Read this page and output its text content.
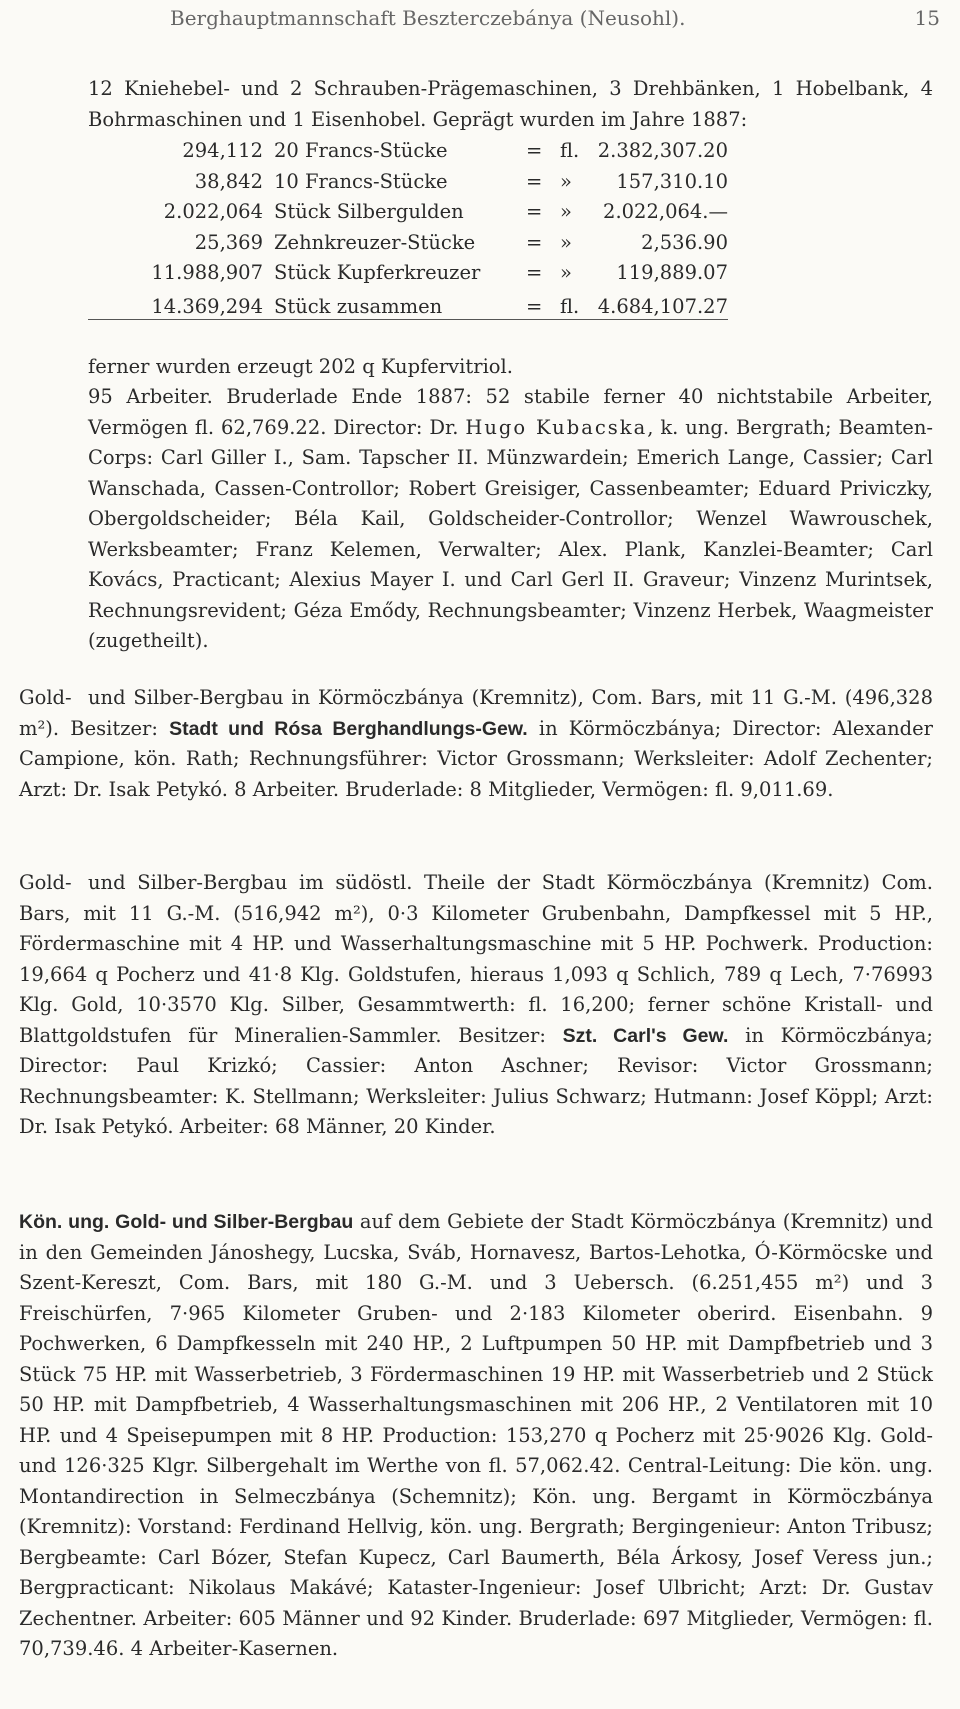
Berghauptmannschaft Beszterczebánya (Neusohl).	15

12 Kniehebel- und 2 Schrauben-Prägemaschinen, 3 Drehbänken, 1 Hobelbank, 4 Bohrmaschinen und 1 Eisenhobel. Geprägt wurden im Jahre 1887:

294,112 20 Francs-Stücke	= fl. 2.382,307.20
38,842 10 Francs-Stücke	= » 157,310.10
2.022,064 Stück Silbergulden	= » 2.022,064.—
25,369 Zehnkreuzer-Stücke	= »	2,536.90
11.988,907 Stück Kupferkreuzer = » 119,889.07
14.369,294 Stück zusammen	= fl. 4.684,107.27

ferner wurden erzeugt 202 q Kupfervitriol.

95 Arbeiter. Bruderlade Ende 1887: 52 stabile ferner 40 nichtstabile Arbeiter, Vermögen fl. 62,769.22. Director: Dr. Hugo Kubacska, k. ung. Bergrath; Beamten-Corps: Carl Giller I., Sam. Tapscher II. Münzwardein; Emerich Lange, Cassier; Carl Wanschada, Cassen-Controllor; Robert Greisiger, Cassenbeamter; Eduard Priviczky, Obergoldscheider; Béla Kail, Goldscheider-Controllor; Wenzel Wawrouschek, Werksbeamter; Franz Kelemen, Verwalter; Alex. Plank, Kanzlei-Beamter; Carl Kovács, Practicant; Alexius Mayer I. und Carl Gerl II. Graveur; Vinzenz Murintsek, Rechnungsrevident; Géza Emődy, Rechnungsbeamter; Vinzenz Herbek, Waagmeister (zugetheilt).

Gold- und Silber-Bergbau in Körmöczbánya (Kremnitz), Com. Bars, mit 11 G.-M. (496,328 m²). Besitzer: Stadt und Rósa Berghandlungs-Gew. in Körmöczbánya; Director: Alexander Campione, kön. Rath; Rechnungsführer: Victor Grossmann; Werksleiter: Adolf Zechenter; Arzt: Dr. Isak Petykó. 8 Arbeiter. Bruderlade: 8 Mitglieder, Vermögen: fl. 9,011.69.

Gold- und Silber-Bergbau im südöstl. Theile der Stadt Körmöczbánya (Kremnitz) Com. Bars, mit 11 G.-M. (516,942 m²), 0·3 Kilometer Grubenbahn, Dampfkessel mit 5 HP., Fördermaschine mit 4 HP. und Wasserhaltungsmaschine mit 5 HP. Pochwerk. Production: 19,664 q Pocherz und 41·8 Klg. Goldstufen, hieraus 1,093 q Schlich, 789 q Lech, 7·76993 Klg. Gold, 10·3570 Klg. Silber, Gesammtwerth: fl. 16,200; ferner schöne Kristall- und Blattgoldstufen für Mineralien-Sammler. Besitzer: Szt. Carl's Gew. in Körmöczbánya; Director: Paul Krizkó; Cassier: Anton Aschner; Revisor: Victor Grossmann; Rechnungsbeamter: K. Stellmann; Werksleiter: Julius Schwarz; Hutmann: Josef Köppl; Arzt: Dr. Isak Petykó. Arbeiter: 68 Männer, 20 Kinder.

Kön. ung. Gold- und Silber-Bergbau auf dem Gebiete der Stadt Körmöczbánya (Kremnitz) und in den Gemeinden Jánoshegy, Lucska, Sváb, Hornavesz, Bartos-Lehotka, Ó-Körmöcske und Szent-Kereszt, Com. Bars, mit 180 G.-M. und 3 Uebersch. (6.251,455 m²) und 3 Freischürfen, 7·965 Kilometer Gruben- und 2·183 Kilometer oberird. Eisenbahn. 9 Pochwerken, 6 Dampfkesseln mit 240 HP., 2 Luftpumpen 50 HP. mit Dampfbetrieb und 3 Stück 75 HP. mit Wasserbetrieb, 3 Fördermaschinen 19 HP. mit Wasserbetrieb und 2 Stück 50 HP. mit Dampfbetrieb, 4 Wasserhaltungsmaschinen mit 206 HP., 2 Ventilatoren mit 10 HP. und 4 Speisepumpen mit 8 HP. Production: 153,270 q Pocherz mit 25·9026 Klg. Gold- und 126·325 Klgr. Silbergehalt im Werthe von fl. 57,062.42. Central-Leitung: Die kön. ung. Montandirection in Selmeczbánya (Schemnitz); Kön. ung. Bergamt in Körmöczbánya (Kremnitz): Vorstand: Ferdinand Hellvig, kön. ung. Bergrath; Bergingenieur: Anton Tribusz; Bergbeamte: Carl Bózer, Stefan Kupecz, Carl Baumerth, Béla Árkosy, Josef Veress jun.; Bergpracticant: Nikolaus Makávé; Kataster-Ingenieur: Josef Ulbricht; Arzt: Dr. Gustav Zechentner. Arbeiter: 605 Männer und 92 Kinder. Bruderlade: 697 Mitglieder, Vermögen: fl. 70,739.46. 4 Arbeiter-Kasernen.
